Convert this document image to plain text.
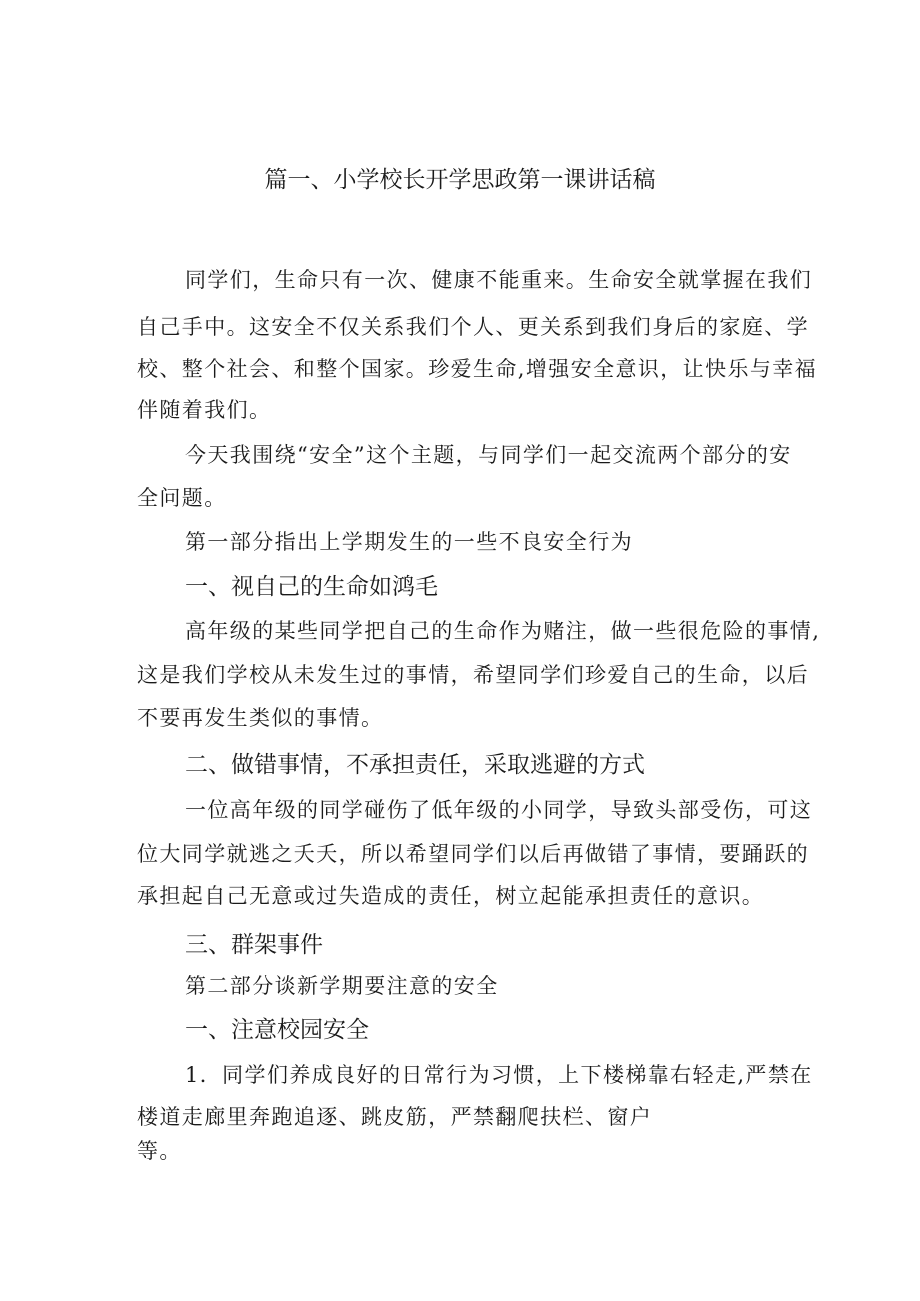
篇一、小学校长开学思政第一课讲话稿
同学们，生命只有一次、健康不能重来。生命安全就掌握在我们
自己手中。这安全不仅关系我们个人、更关系到我们身后的家庭、学
校、整个社会、和整个国家。珍爱生命,增强安全意识，让快乐与幸福
伴随着我们。
今天我围绕“安全”这个主题，与同学们一起交流两个部分的安
全问题。
第一部分指出上学期发生的一些不良安全行为
一、视自己的生命如鸿毛
高年级的某些同学把自己的生命作为赌注，做一些很危险的事情,
这是我们学校从未发生过的事情，希望同学们珍爱自己的生命，以后
不要再发生类似的事情。
二、做错事情，不承担责任，采取逃避的方式
一位高年级的同学碰伤了低年级的小同学，导致头部受伤，可这
位大同学就逃之夭夭，所以希望同学们以后再做错了事情，要踊跃的
承担起自己无意或过失造成的责任，树立起能承担责任的意识。
三、群架事件
第二部分谈新学期要注意的安全
一、注意校园安全
1．同学们养成良好的日常行为习惯，上下楼梯靠右轻走,严禁在
楼道走廊里奔跑追逐、跳皮筋，严禁翻爬扶栏、窗户
等。
